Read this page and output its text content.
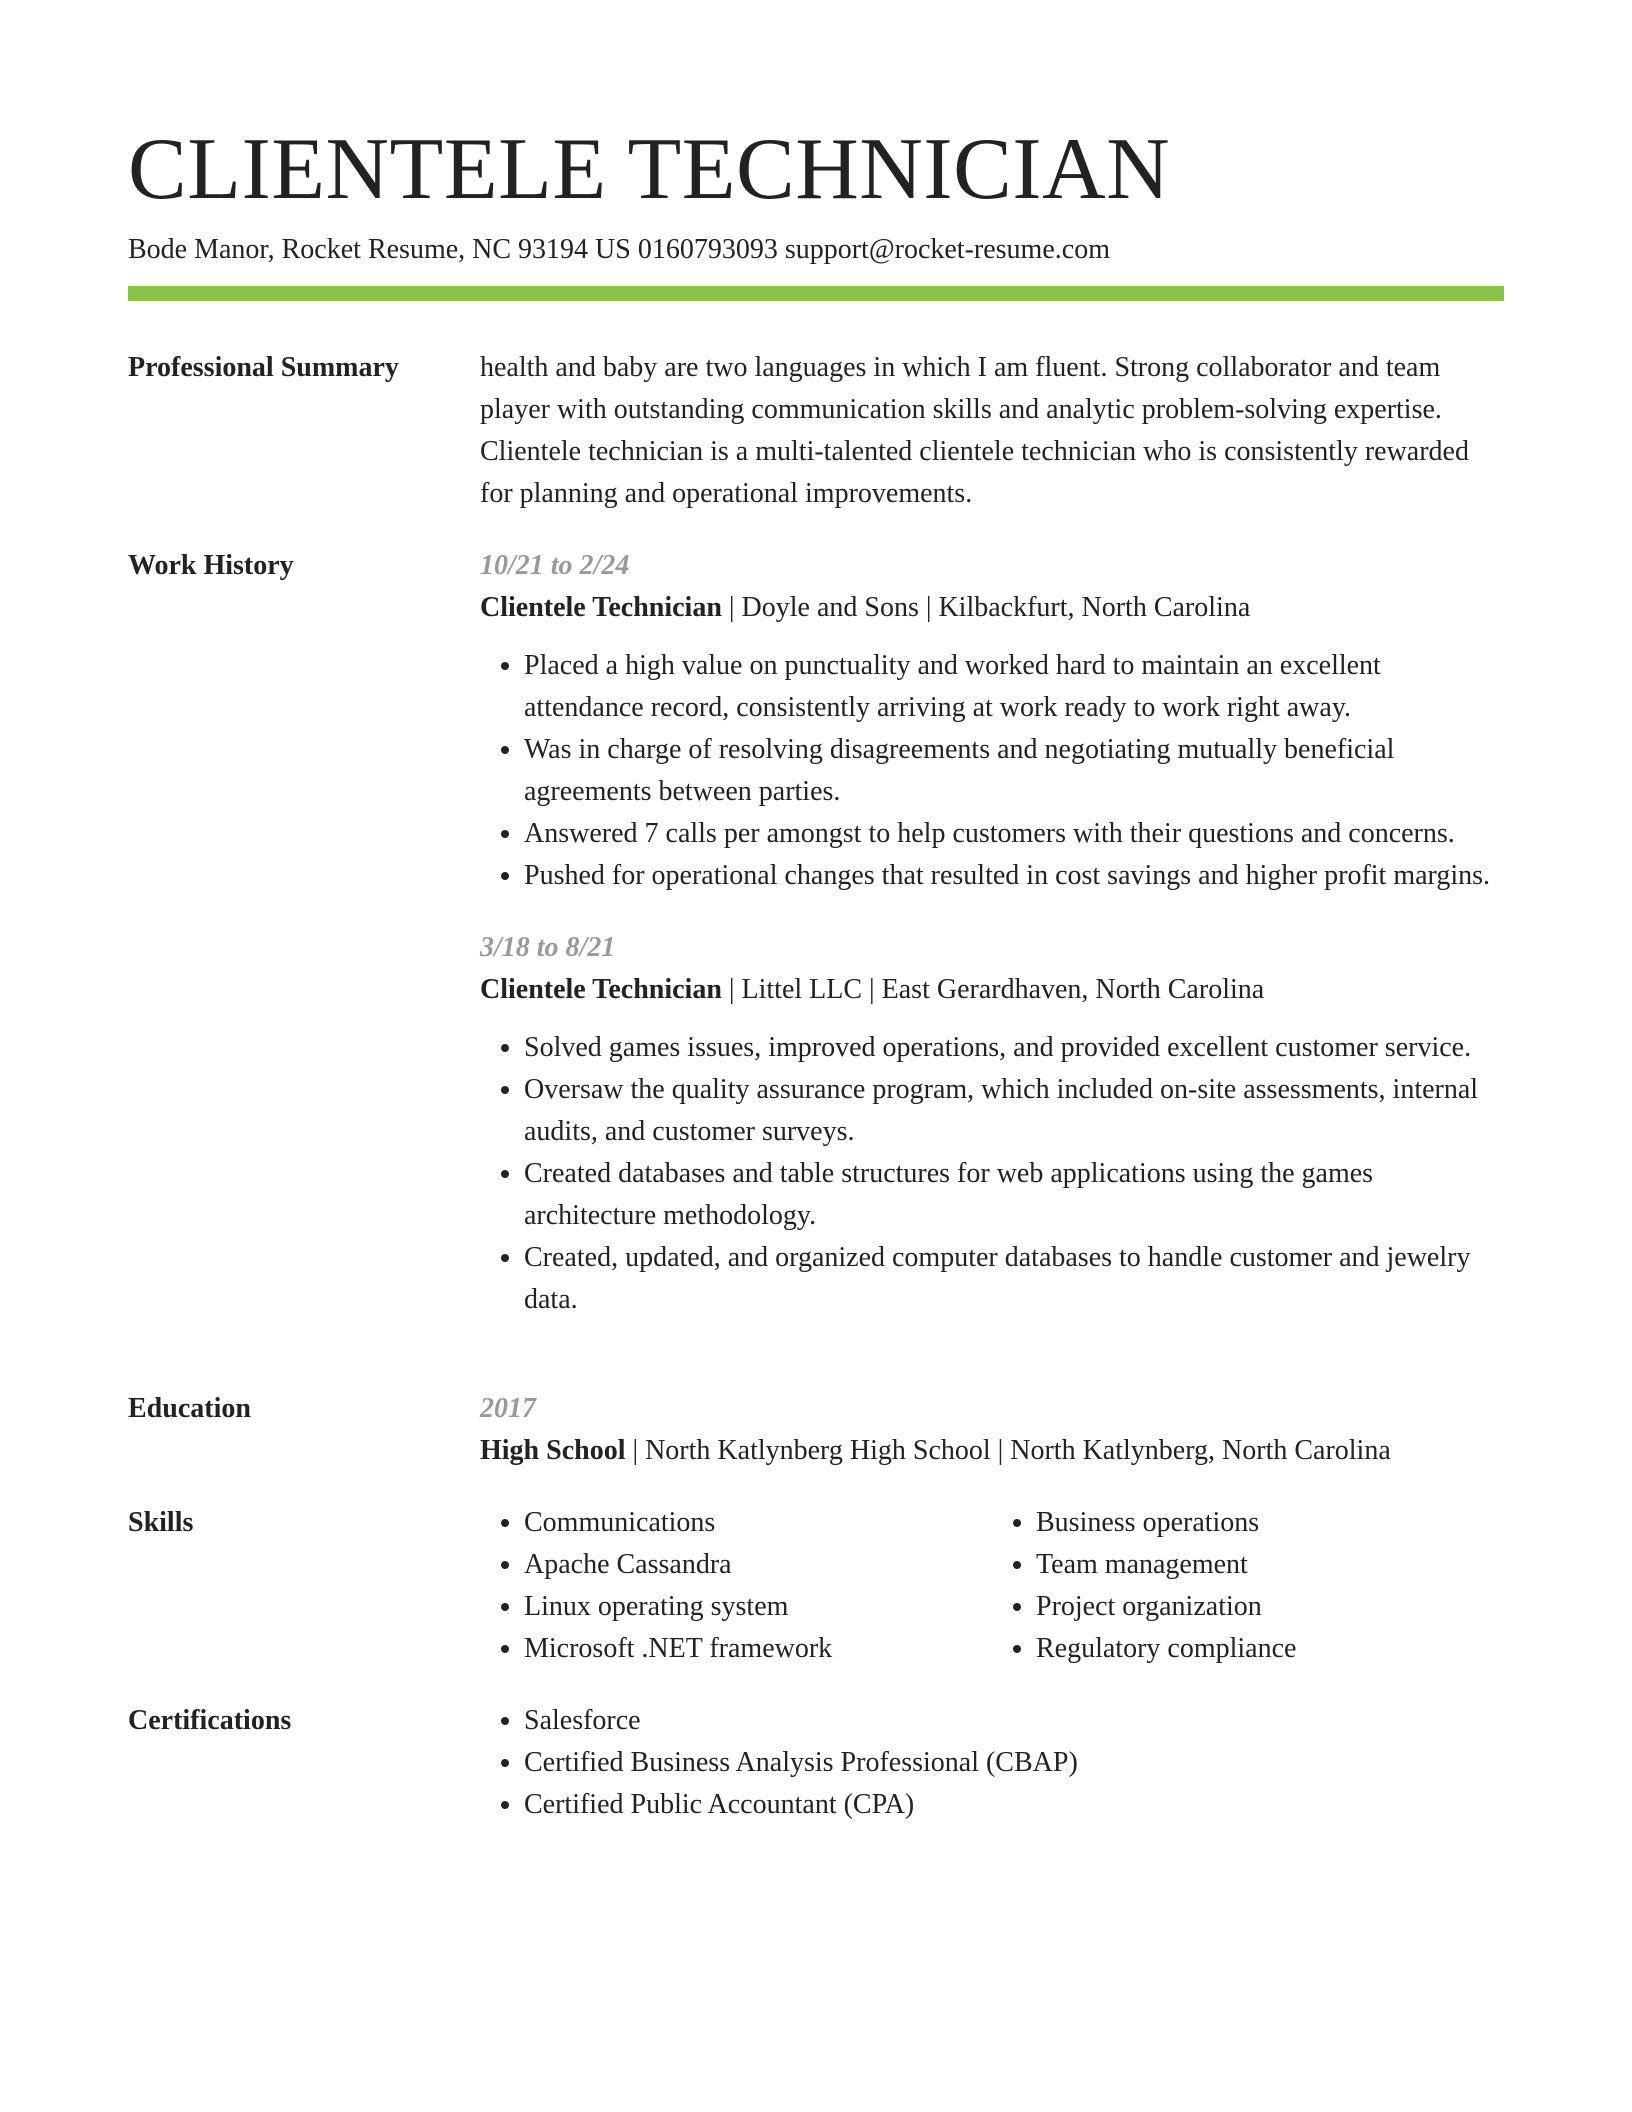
CLIENTELE TECHNICIAN
Bode Manor, Rocket Resume, NC 93194 US 0160793093 support@rocket-resume.com
Professional Summary	health and baby are two languages in which I am fluent. Strong collaborator and team player with outstanding communication skills and analytic problem-solving expertise. Clientele technician is a multi-talented clientele technician who is consistently rewarded for planning and operational improvements.

Work History	10/21 to 2/24
Clientele Technician | Doyle and Sons | Kilbackfurt, North Carolina
• Placed a high value on punctuality and worked hard to maintain an excellent attendance record, consistently arriving at work ready to work right away.
• Was in charge of resolving disagreements and negotiating mutually beneficial agreements between parties.
• Answered 7 calls per amongst to help customers with their questions and concerns.
• Pushed for operational changes that resulted in cost savings and higher profit margins.
3/18 to 8/21
Clientele Technician | Littel LLC | East Gerardhaven, North Carolina
• Solved games issues, improved operations, and provided excellent customer service.
• Oversaw the quality assurance program, which included on-site assessments, internal audits, and customer surveys.
• Created databases and table structures for web applications using the games architecture methodology.
• Created, updated, and organized computer databases to handle customer and jewelry data.
Education	2017
High School | North Katlynberg High School | North Katlynberg, North Carolina
Skills	• Communications
• Apache Cassandra
• Linux operating system
• Microsoft .NET framework
• Business operations
• Team management
• Project organization
• Regulatory compliance
Certifications	• Salesforce
• Certified Business Analysis Professional (CBAP)
• Certified Public Accountant (CPA)
